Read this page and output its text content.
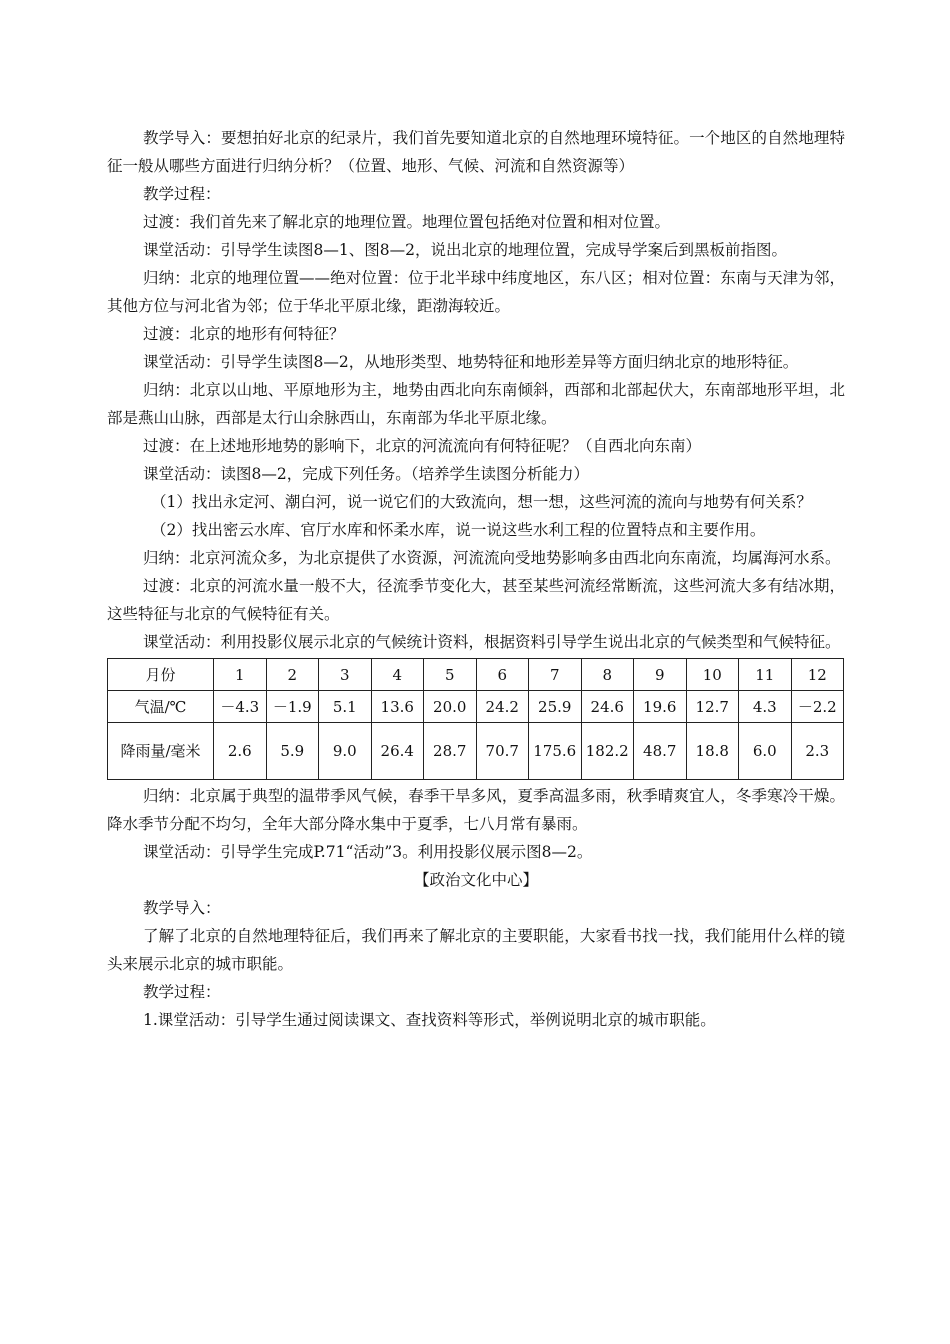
教学导入：要想拍好北京的纪录片，我们首先要知道北京的自然地理环境特征。一个地区的自然地理特征一般从哪些方面进行归纳分析？（位置、地形、气候、河流和自然资源等）

教学过程：

过渡：我们首先来了解北京的地理位置。地理位置包括绝对位置和相对位置。

课堂活动：引导学生读图8—1、图8—2，说出北京的地理位置，完成导学案后到黑板前指图。

归纳：北京的地理位置——绝对位置：位于北半球中纬度地区，东八区；相对位置：东南与天津为邻，其他方位与河北省为邻；位于华北平原北缘，距渤海较近。

过渡：北京的地形有何特征？

课堂活动：引导学生读图8—2，从地形类型、地势特征和地形差异等方面归纳北京的地形特征。

归纳：北京以山地、平原地形为主，地势由西北向东南倾斜，西部和北部起伏大，东南部地形平坦，北部是燕山山脉，西部是太行山余脉西山，东南部为华北平原北缘。

过渡：在上述地形地势的影响下，北京的河流流向有何特征呢？（自西北向东南）

课堂活动：读图8—2，完成下列任务。（培养学生读图分析能力）

（1）找出永定河、潮白河，说一说它们的大致流向，想一想，这些河流的流向与地势有何关系？

（2）找出密云水库、官厅水库和怀柔水库，说一说这些水利工程的位置特点和主要作用。

归纳：北京河流众多，为北京提供了水资源，河流流向受地势影响多由西北向东南流，均属海河水系。

过渡：北京的河流水量一般不大，径流季节变化大，甚至某些河流经常断流，这些河流大多有结冰期，这些特征与北京的气候特征有关。

课堂活动：利用投影仪展示北京的气候统计资料，根据资料引导学生说出北京的气候类型和气候特征。

月份	1	2	3	4	5	6	7	8	9	10	11	12
气温/℃	－4.3	－1.9	5.1	13.6	20.0	24.2	25.9	24.6	19.6	12.7	4.3	－2.2
降雨量/毫米	2.6	5.9	9.0	26.4	28.7	70.7	175.6	182.2	48.7	18.8	6.0	2.3

归纳：北京属于典型的温带季风气候，春季干旱多风，夏季高温多雨，秋季晴爽宜人，冬季寒冷干燥。降水季节分配不均匀，全年大部分降水集中于夏季，七八月常有暴雨。

课堂活动：引导学生完成P.71“活动”3。利用投影仪展示图8—2。

【政治文化中心】

教学导入：

了解了北京的自然地理特征后，我们再来了解北京的主要职能，大家看书找一找，我们能用什么样的镜头来展示北京的城市职能。

教学过程：

1.课堂活动：引导学生通过阅读课文、查找资料等形式，举例说明北京的城市职能。
